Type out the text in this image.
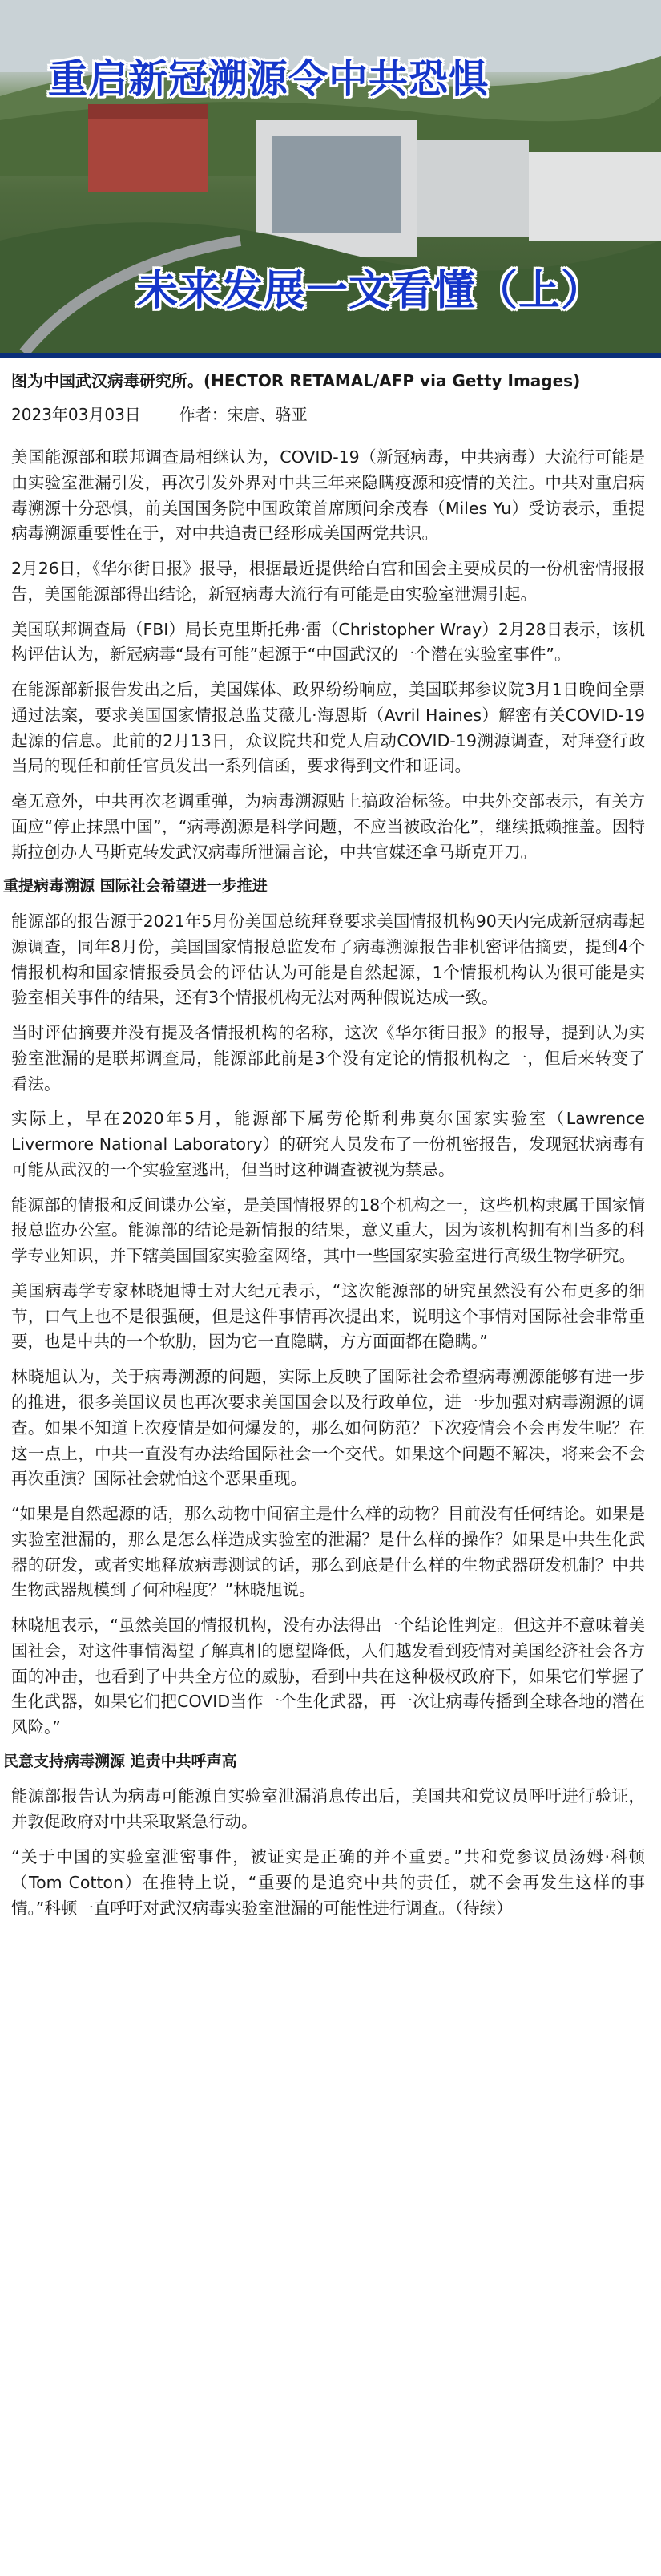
重启新冠溯源令中共恐惧
未来发展一文看懂（上）

图为中国武汉病毒研究所。(HECTOR RETAMAL/AFP via Getty Images)

2023年03月03日 作者：宋唐、骆亚

美国能源部和联邦调查局相继认为，COVID-19（新冠病毒，中共病毒）大流行可能是由实验室泄漏引发，再次引发外界对中共三年来隐瞒疫源和疫情的关注。中共对重启病毒溯源十分恐惧，前美国国务院中国政策首席顾问余茂春（Miles Yu）受访表示，重提病毒溯源重要性在于，对中共追责已经形成美国两党共识。

2月26日，《华尔街日报》报导，根据最近提供给白宫和国会主要成员的一份机密情报报告，美国能源部得出结论，新冠病毒大流行有可能是由实验室泄漏引起。

美国联邦调查局（FBI）局长克里斯托弗·雷（Christopher Wray）2月28日表示，该机构评估认为，新冠病毒“最有可能”起源于“中国武汉的一个潜在实验室事件”。

在能源部新报告发出之后，美国媒体、政界纷纷响应，美国联邦参议院3月1日晚间全票通过法案，要求美国国家情报总监艾薇儿·海恩斯（Avril Haines）解密有关COVID-19起源的信息。此前的2月13日，众议院共和党人启动COVID-19溯源调查，对拜登行政当局的现任和前任官员发出一系列信函，要求得到文件和证词。

毫无意外，中共再次老调重弹，为病毒溯源贴上搞政治标签。中共外交部表示，有关方面应“停止抹黑中国”，“病毒溯源是科学问题，不应当被政治化”，继续抵赖推盖。因特斯拉创办人马斯克转发武汉病毒所泄漏言论，中共官媒还拿马斯克开刀。

重提病毒溯源 国际社会希望进一步推进

能源部的报告源于2021年5月份美国总统拜登要求美国情报机构90天内完成新冠病毒起源调查，同年8月份，美国国家情报总监发布了病毒溯源报告非机密评估摘要，提到4个情报机构和国家情报委员会的评估认为可能是自然起源，1个情报机构认为很可能是实验室相关事件的结果，还有3个情报机构无法对两种假说达成一致。

当时评估摘要并没有提及各情报机构的名称，这次《华尔街日报》的报导，提到认为实验室泄漏的是联邦调查局，能源部此前是3个没有定论的情报机构之一，但后来转变了看法。

实际上，早在2020年5月，能源部下属劳伦斯利弗莫尔国家实验室（Lawrence Livermore National Laboratory）的研究人员发布了一份机密报告，发现冠状病毒有可能从武汉的一个实验室逃出，但当时这种调查被视为禁忌。

能源部的情报和反间谍办公室，是美国情报界的18个机构之一，这些机构隶属于国家情报总监办公室。能源部的结论是新情报的结果，意义重大，因为该机构拥有相当多的科学专业知识，并下辖美国国家实验室网络，其中一些国家实验室进行高级生物学研究。

美国病毒学专家林晓旭博士对大纪元表示，“这次能源部的研究虽然没有公布更多的细节，口气上也不是很强硬，但是这件事情再次提出来，说明这个事情对国际社会非常重要，也是中共的一个软肋，因为它一直隐瞒，方方面面都在隐瞒。”

林晓旭认为，关于病毒溯源的问题，实际上反映了国际社会希望病毒溯源能够有进一步的推进，很多美国议员也再次要求美国国会以及行政单位，进一步加强对病毒溯源的调查。如果不知道上次疫情是如何爆发的，那么如何防范？下次疫情会不会再发生呢？在这一点上，中共一直没有办法给国际社会一个交代。如果这个问题不解决，将来会不会再次重演？国际社会就怕这个恶果重现。

“如果是自然起源的话，那么动物中间宿主是什么样的动物？目前没有任何结论。如果是实验室泄漏的，那么是怎么样造成实验室的泄漏？是什么样的操作？如果是中共生化武器的研发，或者实地释放病毒测试的话，那么到底是什么样的生物武器研发机制？中共生物武器规模到了何种程度？”林晓旭说。

林晓旭表示，“虽然美国的情报机构，没有办法得出一个结论性判定。但这并不意味着美国社会，对这件事情渴望了解真相的愿望降低，人们越发看到疫情对美国经济社会各方面的冲击，也看到了中共全方位的威胁，看到中共在这种极权政府下，如果它们掌握了生化武器，如果它们把COVID当作一个生化武器，再一次让病毒传播到全球各地的潜在风险。”

民意支持病毒溯源 追责中共呼声高

能源部报告认为病毒可能源自实验室泄漏消息传出后，美国共和党议员呼吁进行验证，并敦促政府对中共采取紧急行动。

“关于中国的实验室泄密事件，被证实是正确的并不重要。”共和党参议员汤姆·科顿（Tom Cotton）在推特上说，“重要的是追究中共的责任，就不会再发生这样的事情。”科顿一直呼吁对武汉病毒实验室泄漏的可能性进行调查。（待续）
